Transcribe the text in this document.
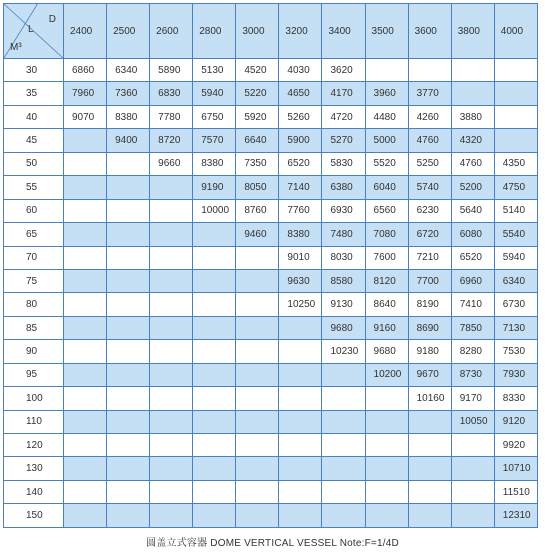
D
L
M³	2400	2500	2600	2800	3000	3200	3400	3500	3600	3800	4000
30	6860	6340	5890	5130	4520	4030	3620				
35	7960	7360	6830	5940	5220	4650	4170	3960	3770		
40	9070	8380	7780	6750	5920	5260	4720	4480	4260	3880	
45		9400	8720	7570	6640	5900	5270	5000	4760	4320	
50			9660	8380	7350	6520	5830	5520	5250	4760	4350
55				9190	8050	7140	6380	6040	5740	5200	4750
60				10000	8760	7760	6930	6560	6230	5640	5140
65					9460	8380	7480	7080	6720	6080	5540
70						9010	8030	7600	7210	6520	5940
75						9630	8580	8120	7700	6960	6340
80						10250	9130	8640	8190	7410	6730
85							9680	9160	8690	7850	7130
90							10230	9680	9180	8280	7530
95								10200	9670	8730	7930
100									10160	9170	8330
110										10050	9120
120											9920
130											10710
140											11510
150											12310
圆盖立式容器 DOME VERTICAL VESSEL Note:F=1/4D
